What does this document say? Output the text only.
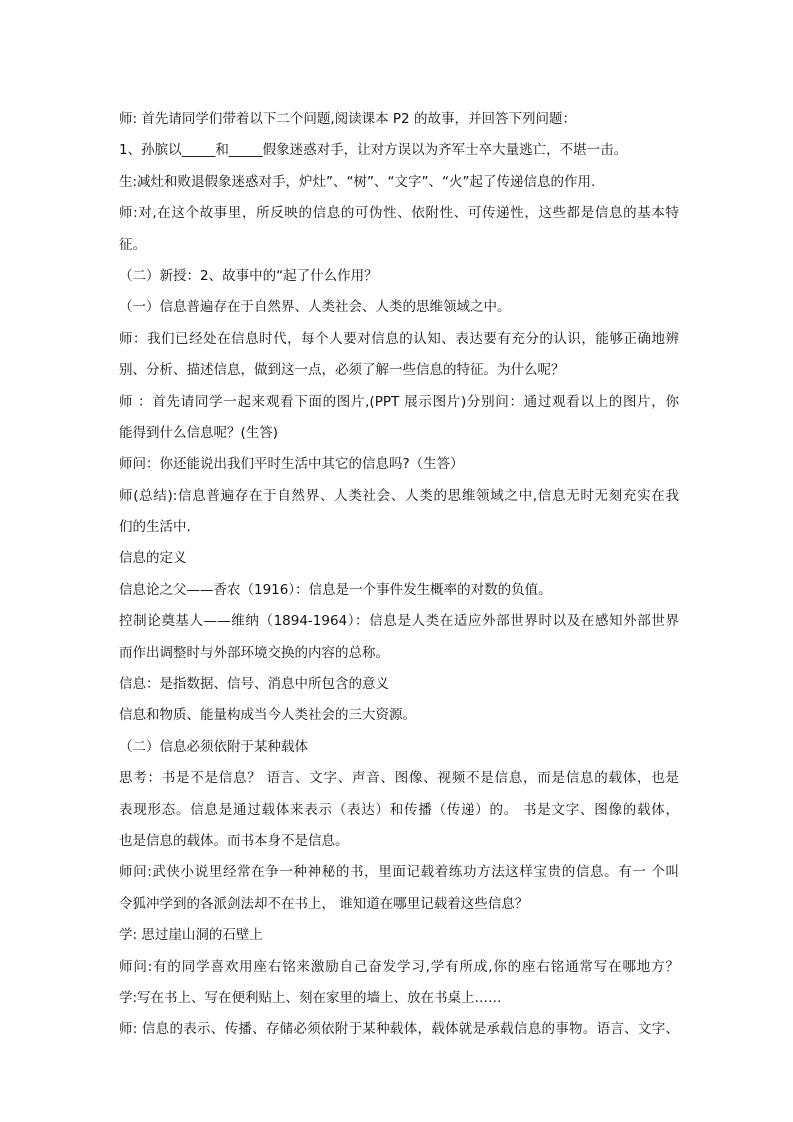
师: 首先请同学们带着以下二个问题,阅读课本 P2 的故事，并回答下列问题：
1、孙膑以_____和_____假象迷惑对手，让对方误以为齐军士卒大量逃亡，不堪一击。
生:减灶和败退假象迷惑对手，炉灶”、“树”、“文字”、“火”起了传递信息的作用.
师:对,在这个故事里，所反映的信息的可伪性、依附性、可传递性，这些都是信息的基本特
征。
（二）新授：2、故事中的“起了什么作用？
（一）信息普遍存在于自然界、人类社会、人类的思维领域之中。
师：我们已经处在信息时代，每个人要对信息的认知、表达要有充分的认识，能够正确地辨
别、分析、描述信息，做到这一点，必须了解一些信息的特征。为什么呢？
师 ：首先请同学一起来观看下面的图片,(PPT 展示图片)分别问：通过观看以上的图片，你
能得到什么信息呢？(生答)
师问：你还能说出我们平时生活中其它的信息吗?（生答）
师(总结):信息普遍存在于自然界、人类社会、人类的思维领域之中,信息无时无刻充实在我
们的生活中.
信息的定义
信息论之父——香农（1916）：信息是一个事件发生概率的对数的负值。
控制论奠基人——维纳（1894-1964）：信息是人类在适应外部世界时以及在感知外部世界
而作出调整时与外部环境交换的内容的总称。
信息：是指数据、信号、消息中所包含的意义
信息和物质、能量构成当今人类社会的三大资源。
（二）信息必须依附于某种载体
思考：书是不是信息？ 语言、文字、声音、图像、视频不是信息，而是信息的载体，也是
表现形态。信息是通过载体来表示（表达）和传播（传递）的。 书是文字、图像的载体，
也是信息的载体。而书本身不是信息。
师问:武侠小说里经常在争一种神秘的书，里面记载着练功方法这样宝贵的信息。有一 个叫
令狐冲学到的各派剑法却不在书上， 谁知道在哪里记载着这些信息？
学: 思过崖山洞的石壁上
师问:有的同学喜欢用座右铭来激励自己奋发学习,学有所成,你的座右铭通常写在哪地方？
学:写在书上、写在便利贴上、刻在家里的墙上、放在书桌上……
师: 信息的表示、传播、存储必须依附于某种载体，载体就是承载信息的事物。语言、文字、
